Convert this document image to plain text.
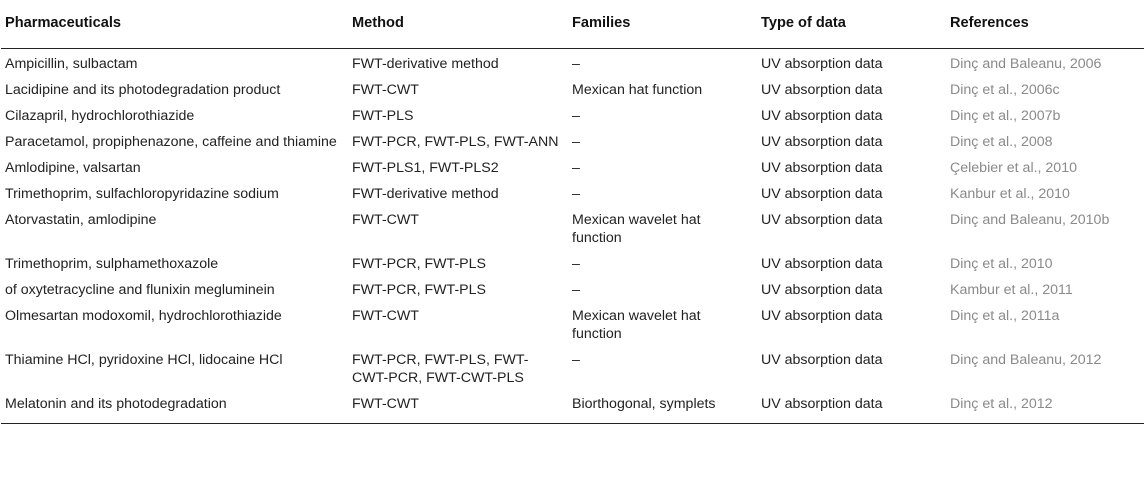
Pharmaceuticals	Method	Families	Type of data	References
Ampicillin, sulbactam	FWT-derivative method	–	UV absorption data	Dinç and Baleanu, 2006
Lacidipine and its photodegradation product	FWT-CWT	Mexican hat function	UV absorption data	Dinç et al., 2006c
Cilazapril, hydrochlorothiazide	FWT-PLS	–	UV absorption data	Dinç et al., 2007b
Paracetamol, propiphenazone, caffeine and thiamine	FWT-PCR, FWT-PLS, FWT-ANN	–	UV absorption data	Dinç et al., 2008
Amlodipine, valsartan	FWT-PLS1, FWT-PLS2	–	UV absorption data	Çelebier et al., 2010
Trimethoprim, sulfachloropyridazine sodium	FWT-derivative method	–	UV absorption data	Kanbur et al., 2010
Atorvastatin, amlodipine	FWT-CWT	Mexican wavelet hat function	UV absorption data	Dinç and Baleanu, 2010b
Trimethoprim, sulphamethoxazole	FWT-PCR, FWT-PLS	–	UV absorption data	Dinç et al., 2010
of oxytetracycline and flunixin megluminein	FWT-PCR, FWT-PLS	–	UV absorption data	Kambur et al., 2011
Olmesartan modoxomil, hydrochlorothiazide	FWT-CWT	Mexican wavelet hat function	UV absorption data	Dinç et al., 2011a
Thiamine HCl, pyridoxine HCl, lidocaine HCl	FWT-PCR, FWT-PLS, FWT-CWT-PCR, FWT-CWT-PLS	–	UV absorption data	Dinç and Baleanu, 2012
Melatonin and its photodegradation	FWT-CWT	Biorthogonal, symplets	UV absorption data	Dinç et al., 2012
